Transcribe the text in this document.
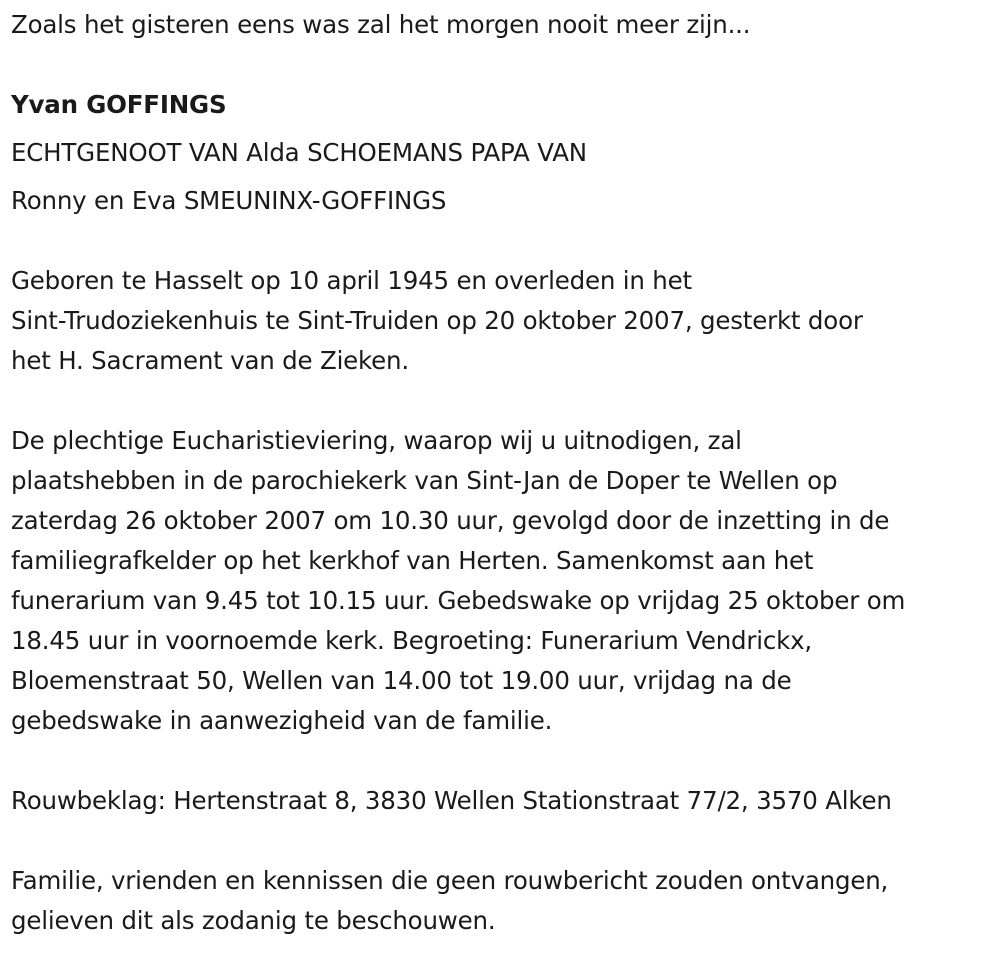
Zoals het gisteren eens was zal het morgen nooit meer zijn...
Yvan GOFFINGS
ECHTGENOOT VAN Alda SCHOEMANS PAPA VAN
Ronny en Eva SMEUNINX-GOFFINGS
Geboren te Hasselt op 10 april 1945 en overleden in het
Sint-Trudoziekenhuis te Sint-Truiden op 20 oktober 2007, gesterkt door
het H. Sacrament van de Zieken.
De plechtige Eucharistieviering, waarop wij u uitnodigen, zal
plaatshebben in de parochiekerk van Sint-Jan de Doper te Wellen op
zaterdag 26 oktober 2007 om 10.30 uur, gevolgd door de inzetting in de
familiegrafkelder op het kerkhof van Herten. Samenkomst aan het
funerarium van 9.45 tot 10.15 uur. Gebedswake op vrijdag 25 oktober om
18.45 uur in voornoemde kerk. Begroeting: Funerarium Vendrickx,
Bloemenstraat 50, Wellen van 14.00 tot 19.00 uur, vrijdag na de
gebedswake in aanwezigheid van de familie.
Rouwbeklag: Hertenstraat 8, 3830 Wellen Stationstraat 77/2, 3570 Alken
Familie, vrienden en kennissen die geen rouwbericht zouden ontvangen,
gelieven dit als zodanig te beschouwen.
